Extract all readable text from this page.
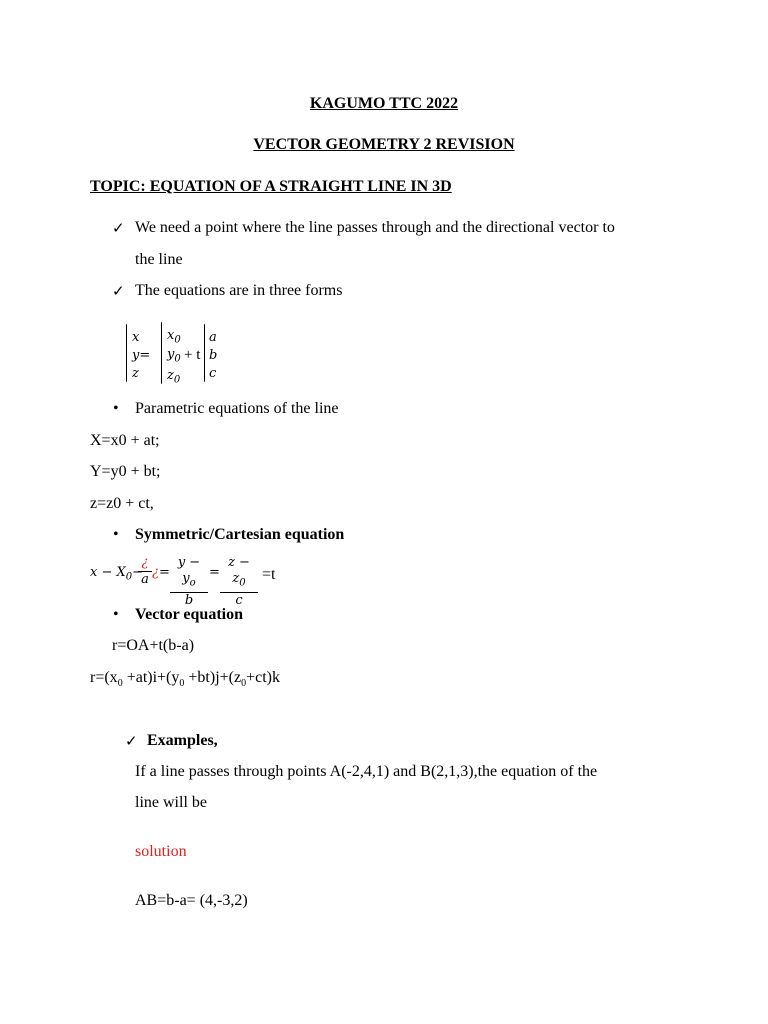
KAGUMO TTC 2022
VECTOR GEOMETRY 2 REVISION
TOPIC: EQUATION OF A STRAIGHT LINE IN 3D
✓ We need a point where the line passes through and the directional vector to
the line
✓ The equations are in three forms
x
y=
z
$x_0$
$y_0$
$z_0$
+ t
a
b
c
• Parametric equations of the line
X=x0 + at;
Y=y0 + bt;
z=z0 + ct,
• Symmetric/Cartesian equation
$x - X_0-$
¿
a ¿= $\frac{y - y_o}{b} = \frac{z - z_0}{c} =t$
• Vector equation
r=OA+t(b-a)
$r=(x_0 +at)i+(y_0 +bt)j+(z_0+ct)k$
✓ Examples,
If a line passes through points A(-2,4,1) and B(2,1,3),the equation of the
line will be
solution
AB=b-a= (4,-3,2)
